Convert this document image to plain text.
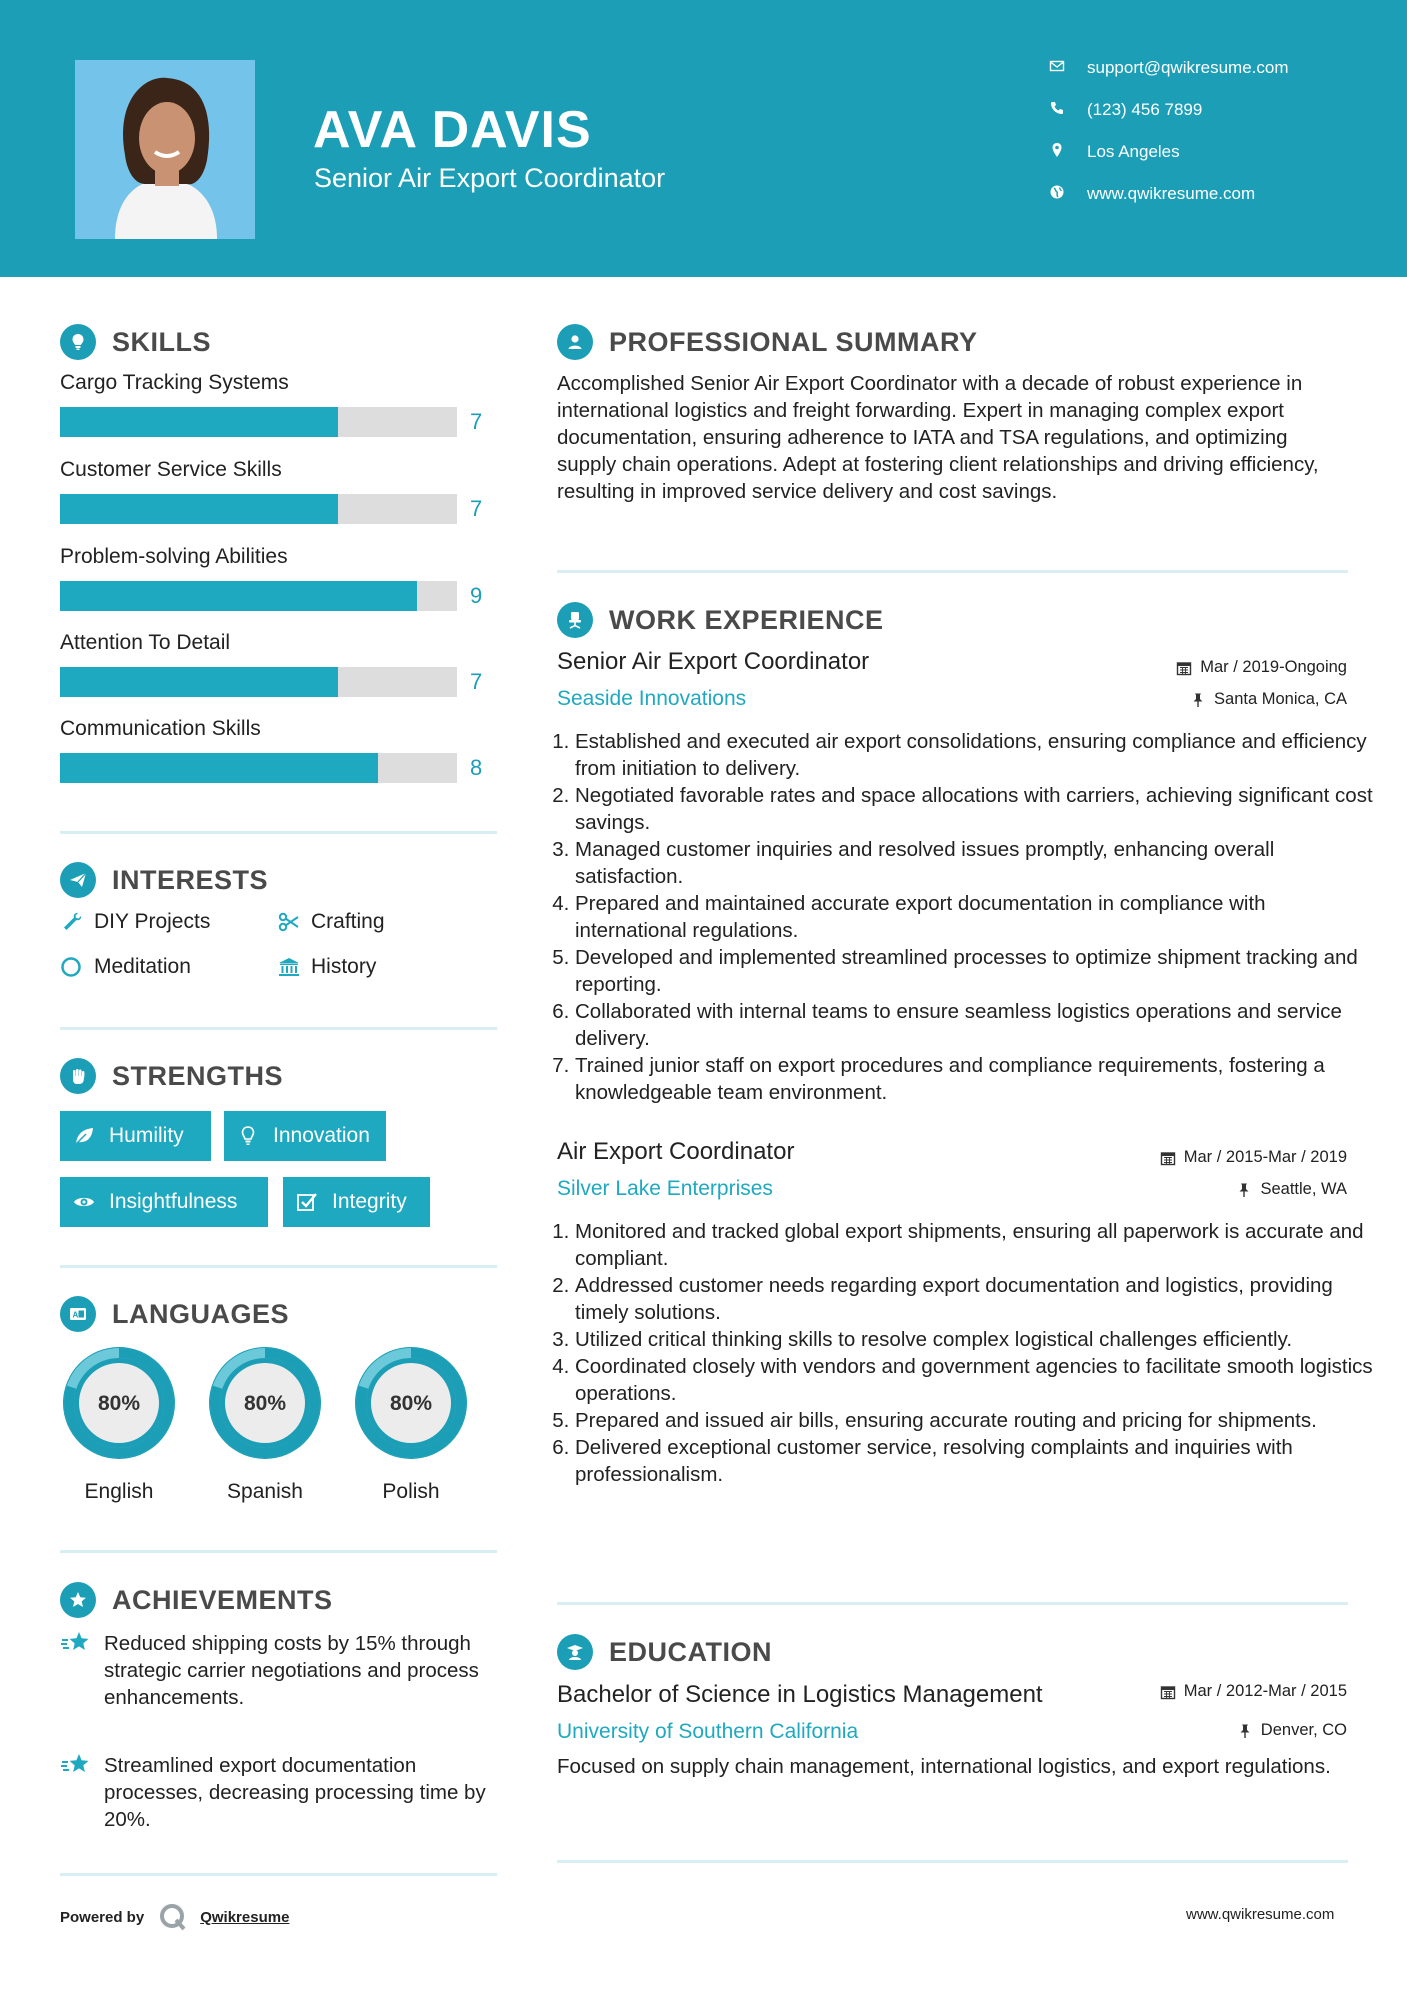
AVA DAVIS
Senior Air Export Coordinator
support@qwikresume.com
(123) 456 7899
Los Angeles
www.qwikresume.com
SKILLS
Cargo Tracking Systems
7
Customer Service Skills
7
Problem-solving Abilities
9
Attention To Detail
7
Communication Skills
8
INTERESTS
DIY Projects	Crafting
Meditation	History
STRENGTHS
Humility	Innovation
Insightfulness	Integrity
A LANGUAGES
80%
English
80%
Spanish
80%
Polish
ACHIEVEMENTS
Reduced shipping costs by 15% through strategic carrier negotiations and process enhancements.
Streamlined export documentation processes, decreasing processing time by 20%.
Powered by	Qwikresume	www.qwikresume.com
PROFESSIONAL SUMMARY
Accomplished Senior Air Export Coordinator with a decade of robust experience in international logistics and freight forwarding. Expert in managing complex export documentation, ensuring adherence to IATA and TSA regulations, and optimizing supply chain operations. Adept at fostering client relationships and driving efficiency, resulting in improved service delivery and cost savings.
WORK EXPERIENCE
Senior Air Export Coordinator
Seaside Innovations
Mar / 2019-Ongoing
Santa Monica, CA
1. Established and executed air export consolidations, ensuring compliance and efficiency from initiation to delivery.
2. Negotiated favorable rates and space allocations with carriers, achieving significant cost savings.
3. Managed customer inquiries and resolved issues promptly, enhancing overall satisfaction.
4. Prepared and maintained accurate export documentation in compliance with international regulations.
5. Developed and implemented streamlined processes to optimize shipment tracking and reporting.
6. Collaborated with internal teams to ensure seamless logistics operations and service delivery.
7. Trained junior staff on export procedures and compliance requirements, fostering a knowledgeable team environment.
Air Export Coordinator
Silver Lake Enterprises
Mar / 2015-Mar / 2019
Seattle, WA
1. Monitored and tracked global export shipments, ensuring all paperwork is accurate and compliant.
2. Addressed customer needs regarding export documentation and logistics, providing timely solutions.
3. Utilized critical thinking skills to resolve complex logistical challenges efficiently.
4. Coordinated closely with vendors and government agencies to facilitate smooth logistics operations.
5. Prepared and issued air bills, ensuring accurate routing and pricing for shipments.
6. Delivered exceptional customer service, resolving complaints and inquiries with professionalism.
EDUCATION
Bachelor of Science in Logistics Management
University of Southern California
Mar / 2012-Mar / 2015
Denver, CO
Focused on supply chain management, international logistics, and export regulations.
